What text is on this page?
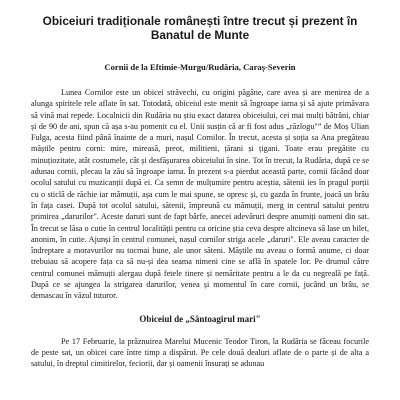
Obiceiuri tradiționale românești între trecut și prezent în Banatul de Munte
Cornii de la Eftimie-Murgu/Rudăria, Caraș-Severin

Lunea Cornilor este un obicei străvechi, cu origini păgâne, care avea și are menirea de a alunga spiritele rele aflate în sat. Totodată, obiceiul este menit să îngroape iarna și să ajute primăvara să vină mai repede. Localnicii din Rudăria nu știu exact datarea obiceiului, cei mai mulți bătrâni, chiar și de 90 de ani, spun că așa s-au pomenit cu el. Unii susțin că ar fi fost adus „răzlogu"” de Moș Ulian Fulga, acesta fiind până înainte de a muri, nașul Cornilor. În trecut, acesta și soția sa Ana pregăteau măștile pentru corni: mire, mireasă, preot, militieni, țărani și țigani. Toate erau pregătite cu minuțiozitate, atât costumele, cât și desfășurarea obiceiului în sine. Tot în trecut, la Rudăria, după ce se adunau cornii, plecau la zău să îngroape iarna. În prezent s-a pierdut această parte, cornii făcând doar ocolul satului cu muzicanții după ei. Ca semn de mulțumire pentru aceștia, sătenii ies în pragul porții cu o sticlă de răchie iar mămuții, așa cum le mai spune, se opresc și, cu gazda în frunte, joacă un brâu în fața casei. După tot ocolul satului, sătenii, împreună cu mămuții, merg in centrul satului pentru primirea „darurilor". Aceste daruri sunt de fapt bârfe, anecei adevăruri despre anumiți oameni din sat. În trecut se lăsa o cutie în centrul localității pentru ca oricine știa ceva despre altcineva să lase un bilet, anonim, în cutie. Ajunși în centrul comunei, nașul cornilor striga acele „daruri". Ele aveau caracter de îndreptare a moravurilor nu tocmai bune, ale unor săteni. Măștile nu aveau o formă anume, ci doar trebuiau să acopere fața ca să nu-și dea seama nimeni cine se află în spatele lor. Pe drumul către centrul comunei mămuții alergau după fetele tinere și nemăritate pentru a le da cu negreală pe față. După ce se ajungea la strigarea darurilor, venea și momentul în care cornii, jucând un brâu, se demascau în văzul tuturor.

Obiceiul de „Sântoagirul mari"

Pe 17 Februarie, la prăznuirea Marelui Mucenic Teodor Tiron, la Rudăria se făceau focurile de peste sat, un obicei care între timp a dispărut. Pe cele două dealuri aflate de o parte și de alta a satului, în dreptul cimitirelor, feciorii, dar și oamenii însurați se adunau
